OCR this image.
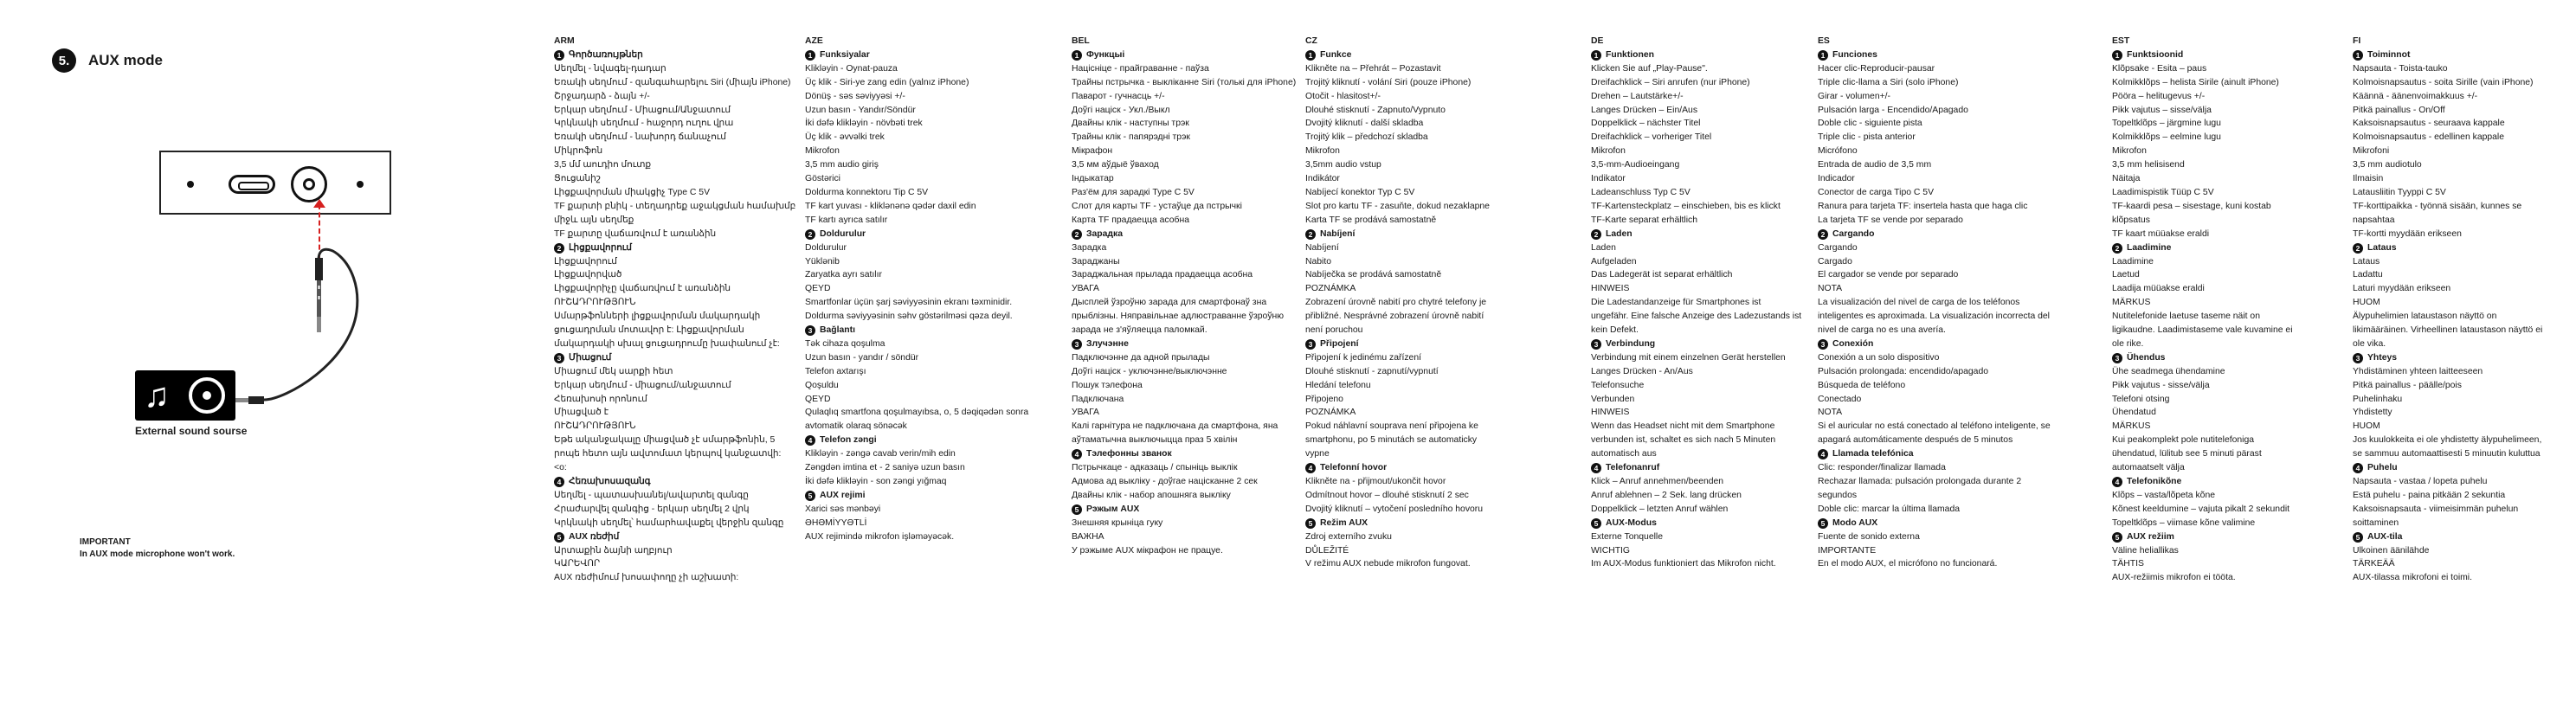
5.	AUX mode
♫
External sound sourse
IMPORTANT
In AUX mode microphone won't work.
ARM
1 Գործառույթներ
Սեղմել - նվագել-դադար
Եռակի սեղմում - զանգահարելու Siri (միայն iPhone)
Շրջադարձ - ձայն +/-
Երկար սեղմում - Միացում/Անջատում
Կրկնակի սեղմում - հաջորդ ուղու վրա
Եռակի սեղմում - նախորդ ճանաչում
Միկրոֆոն
3,5 մմ աուդիո մուտք
Ցուցանիշ
Լիցքավորման միակցիչ Type C 5V
TF քարտի բնիկ - տեղադրեք աջակցման համախմբ
միջև այն սեղմեք
TF քարտը վաճառվում է առանձին
2 Լիցքավորում
Լիցքավորում
Լիցքավորված
Լիցքավորիչը վաճառվում է առանձին
ՈՒՇԱԴՐՈՒԹՅՈՒՆ
Սմարթֆոնների լիցքավորման մակարդակի
ցուցադրման մոտավոր է: Լիցքավորման
մակարդակի սխալ ցուցադրումը խափանում չէ:
3 Միացում
Միացում մեկ սարքի հետ
Երկար սեղմում - միացում/անջատում
Հեռախոսի որոնում
Միացված է
ՈՒՇԱԴՐՈՒԹՅՈՒՆ
Եթե ականջակալը միացված չէ սմարթֆոնին, 5
րոպե հետո այն ավտոմատ կերպով կանջատվի:
<o:
4 Հեռախոսազանգ
Սեղմել - պատասխանել/ավարտել զանգը
Հրաժարվել զանգից - երկար սեղմել 2 վրկ
Կրկնակի սեղմել՝ համարհավաքել վերջին զանգը
5 AUX ռեժիմ
Արտաքին ձայնի աղբյուր
ԿԱՐԵՎՈՐ
AUX ռեժիմում խոսափողը չի աշխատի:
AZE
1 Funksiyalar
Klikləyin - Oynat-pauza
Üç klik - Siri-ye zang edin (yalnız iPhone)
Dönüş - səs səviyyəsi +/-
Uzun basın - Yandır/Söndür
İki dəfə klikləyin - növbəti trek
Üç klik - əvvəlki trek
Mikrofon
3,5 mm audio giriş
Göstərici
Doldurma konnektoru Tip C 5V
TF kart yuvası - kliklənənə qədər daxil edin
TF kartı ayrıca satılır
2 Doldurulur
Doldurulur
Yüklənib
Zaryatka ayrı satılır
QEYD
Smartfonlar üçün şarj səviyyəsinin ekranı təxminidir.
Doldurma səviyyəsinin səhv göstərilməsi qəza deyil.
3 Bağlantı
Tək cihaza qoşulma
Uzun basın - yandır / söndür
Telefon axtarışı
Qoşuldu
QEYD
Qulaqlıq smartfona qoşulmayıbsa, o, 5 dəqiqədən sonra
avtomatik olaraq sönəcək
4 Telefon zəngi
Klikləyin - zəngə cavab verin/mih edin
Zəngdən imtina et - 2 saniyə uzun basın
İki dəfə klikləyin - son zəngi yığmaq
5 AUX rejimi
Xarici səs mənbəyi
ƏHƏMİYYƏTLİ
AUX rejimində mikrofon işləməyəcək.
BEL
1 Функцыі
Націсніце - прайграванне - паўза
Трайны пстрычка - выкліканне Siri (толькі для iPhone)
Паварот - гучнасць +/-
Доўгі націск - Укл./Выкл
Двайны клік - наступны трэк
Трайны клік - папярэдні трэк
Мікрафон
3,5 мм аўдыё ўваход
Індыкатар
Раз'ём для зарадкі Type C 5V
Слот для карты TF - устаўце да пстрычкі
Карта TF прадаецца асобна
2 Зарадка
Зарадка
Зараджаны
Зараджальная прылада прадаецца асобна
УВАГА
Дысплей ўзроўню зарада для смартфонаў зна
прыблізны. Няправільнае адлюстраванне ўзроўню
зарада не з'яўляецца паломкай.
3 Злучэнне
Падключэнне да адной прылады
Доўгі націск - уключэнне/выключэнне
Пошук тэлефона
Падключана
УВАГА
Калі гарнітура не падключана да смартфона, яна
аўтаматычна выключыцца праз 5 хвілін
4 Тэлефонны званок
Пстрычкаце - адказаць / спыніць выклік
Адмова ад выкліку - доўгае націсканне 2 сек
Двайны клік - набор апошняга выкліку
5 Рэжым AUX
Знешняя крыніца гуку
ВАЖНА
У рэжыме AUX мікрафон не працуе.
CZ
1 Funkce
Klikněte na – Přehrát – Pozastavit
Trojitý kliknutí - volání Siri (pouze iPhone)
Otočit - hlasitost+/-
Dlouhé stisknutí - Zapnuto/Vypnuto
Dvojitý kliknutí - další skladba
Trojitý klik – předchozí skladba
Mikrofon
3,5mm audio vstup
Indikátor
Nabíjecí konektor Typ C 5V
Slot pro kartu TF - zasuňte, dokud nezaklapne
Karta TF se prodává samostatně
2 Nabíjení
Nabíjení
Nabito
Nabíječka se prodává samostatně
POZNÁMKA
Zobrazení úrovně nabití pro chytré telefony je
přibližné. Nesprávné zobrazení úrovně nabití
není poruchou
3 Připojení
Připojení k jedinému zařízení
Dlouhé stisknutí - zapnutí/vypnutí
Hledání telefonu
Připojeno
POZNÁMKA
Pokud náhlavní souprava není připojena ke
smartphonu, po 5 minutách se automaticky
vypne
4 Telefonní hovor
Klikněte na - přijmout/ukončit hovor
Odmítnout hovor – dlouhé stisknutí 2 sec
Dvojitý kliknutí – vytočení posledního hovoru
5 Režim AUX
Zdroj externího zvuku
DŮLEŽITÉ
V režimu AUX nebude mikrofon fungovat.
DE
1 Funktionen
Klicken Sie auf „Play-Pause".
Dreifachklick – Siri anrufen (nur iPhone)
Drehen – Lautstärke+/-
Langes Drücken – Ein/Aus
Doppelklick – nächster Titel
Dreifachklick – vorheriger Titel
Mikrofon
3,5-mm-Audioeingang
Indikator
Ladeanschluss Typ C 5V
TF-Kartensteckplatz – einschieben, bis es klickt
TF-Karte separat erhältlich
2 Laden
Laden
Aufgeladen
Das Ladegerät ist separat erhältlich
HINWEIS
Die Ladestandanzeige für Smartphones ist
ungefähr. Eine falsche Anzeige des Ladezustands ist
kein Defekt.
3 Verbindung
Verbindung mit einem einzelnen Gerät herstellen
Langes Drücken - An/Aus
Telefonsuche
Verbunden
HINWEIS
Wenn das Headset nicht mit dem Smartphone
verbunden ist, schaltet es sich nach 5 Minuten
automatisch aus
4 Telefonanruf
Klick – Anruf annehmen/beenden
Anruf ablehnen – 2 Sek. lang drücken
Doppelklick – letzten Anruf wählen
5 AUX-Modus
Externe Tonquelle
WICHTIG
Im AUX-Modus funktioniert das Mikrofon nicht.
ES
1 Funciones
Hacer clic-Reproducir-pausar
Triple clic-llama a Siri (solo iPhone)
Girar - volumen+/-
Pulsación larga - Encendido/Apagado
Doble clic - siguiente pista
Triple clic - pista anterior
Micrófono
Entrada de audio de 3,5 mm
Indicador
Conector de carga Tipo C 5V
Ranura para tarjeta TF: insertela hasta que haga clic
La tarjeta TF se vende por separado
2 Cargando
Cargando
Cargado
El cargador se vende por separado
NOTA
La visualización del nivel de carga de los teléfonos
inteligentes es aproximada. La visualización incorrecta del
nivel de carga no es una avería.
3 Conexión
Conexión a un solo dispositivo
Pulsación prolongada: encendido/apagado
Búsqueda de teléfono
Conectado
NOTA
Si el auricular no está conectado al teléfono inteligente, se
apagará automáticamente después de 5 minutos
4 Llamada telefónica
Clic: responder/finalizar llamada
Rechazar llamada: pulsación prolongada durante 2
segundos
Doble clic: marcar la última llamada
5 Modo AUX
Fuente de sonido externa
IMPORTANTE
En el modo AUX, el micrófono no funcionará.
EST
1 Funktsioonid
Klõpsake - Esita – paus
Kolmikklõps – helista Sirile (ainult iPhone)
Pööra – helitugevus +/-
Pikk vajutus – sisse/välja
Topeltklõps – järgmine lugu
Kolmikklõps – eelmine lugu
Mikrofon
3,5 mm helisisend
Näitaja
Laadimispistik Tüüp C 5V
TF-kaardi pesa – sisestage, kuni kostab
klõpsatus
TF kaart müüakse eraldi
2 Laadimine
Laadimine
Laetud
Laadija müüakse eraldi
MÄRKUS
Nutitelefonide laetuse taseme näit on
ligikaudne. Laadimistaseme vale kuvamine ei
ole rike.
3 Ühendus
Ühe seadmega ühendamine
Pikk vajutus - sisse/välja
Telefoni otsing
Ühendatud
MÄRKUS
Kui peakomplekt pole nutitelefoniga
ühendatud, lülitub see 5 minuti pärast
automaatselt välja
4 Telefonikõne
Klõps – vasta/lõpeta kõne
Kõnest keeldumine – vajuta pikalt 2 sekundit
Topeltklõps – viimase kõne valimine
5 AUX režiim
Väline heliallikas
TÄHTIS
AUX-režiimis mikrofon ei tööta.
FI
1 Toiminnot
Napsauta - Toista-tauko
Kolmoisnapsautus - soita Sirille (vain iPhone)
Käännä - äänenvoimakkuus +/-
Pitkä painallus - On/Off
Kaksoisnapsautus - seuraava kappale
Kolmoisnapsautus - edellinen kappale
Mikrofoni
3,5 mm audiotulo
Ilmaisin
Latausliitin Tyyppi C 5V
TF-korttipaikka - työnnä sisään, kunnes se
napsahtaa
TF-kortti myydään erikseen
2 Lataus
Lataus
Ladattu
Laturi myydään erikseen
HUOM
Älypuhelimien lataustason näyttö on
likimääräinen. Virheellinen lataustason näyttö ei
ole vika.
3 Yhteys
Yhdistäminen yhteen laitteeseen
Pitkä painallus - päälle/pois
Puhelinhaku
Yhdistetty
HUOM
Jos kuulokkeita ei ole yhdistetty älypuhelimeen,
se sammuu automaattisesti 5 minuutin kuluttua
4 Puhelu
Napsauta - vastaa / lopeta puhelu
Estä puhelu - paina pitkään 2 sekuntia
Kaksoisnapsauta - viimeisimmän puhelun
soittaminen
5 AUX-tila
Ulkoinen äänilähde
TÄRKEÄÄ
AUX-tilassa mikrofoni ei toimi.
